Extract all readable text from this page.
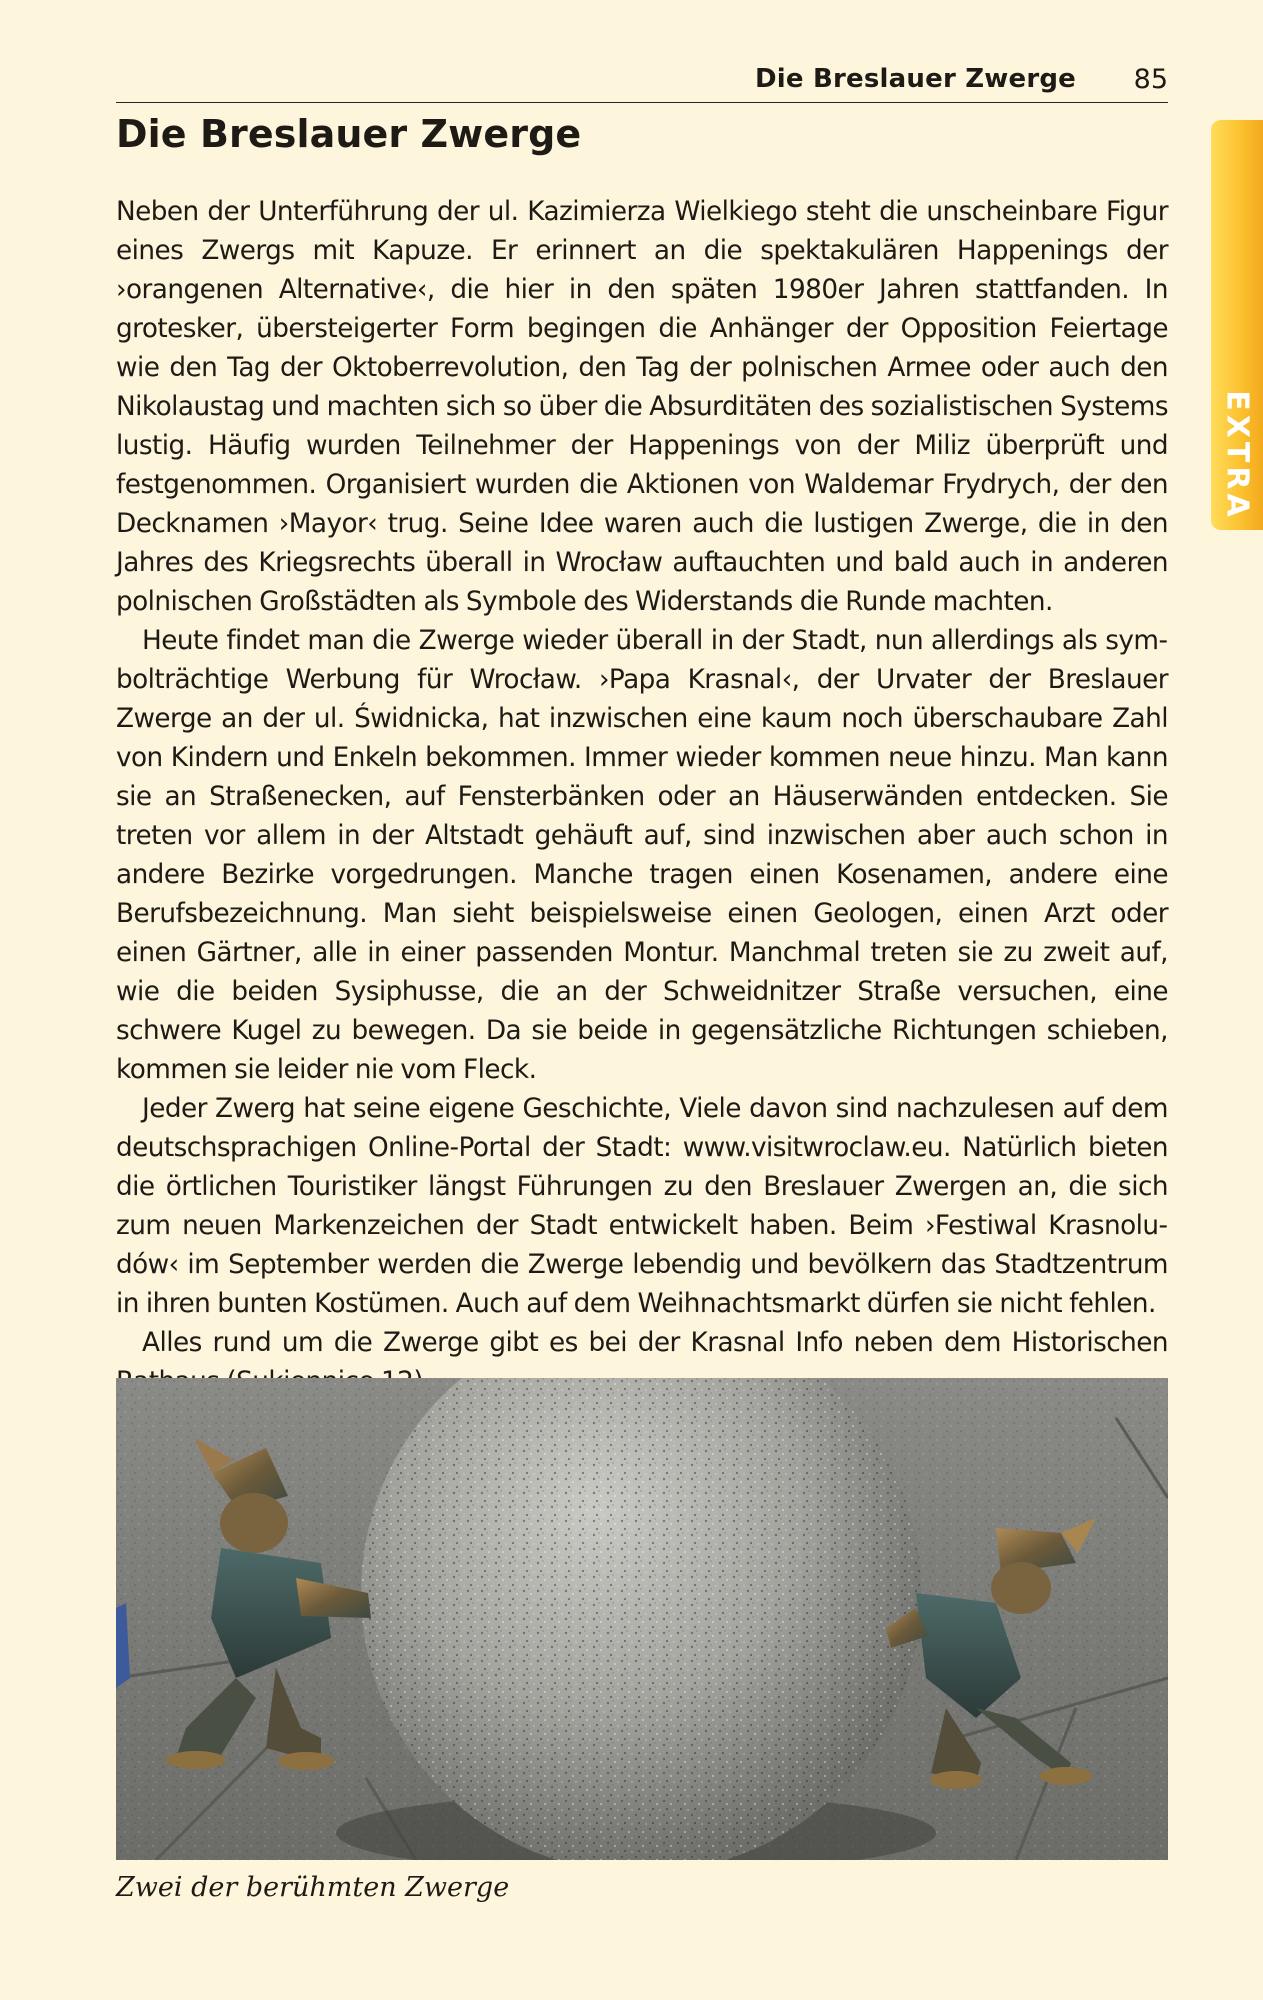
Die Breslauer Zwerge 85
EXTRA
Die Breslauer Zwerge

Neben der Unterführung der ul. Kazimierza Wielkiego steht die unscheinbare Figur eines Zwergs mit Kapuze. Er erinnert an die spektakulären Happenings der ›orangenen Alternative‹, die hier in den späten 1980er Jahren stattfanden. In grotesker, übersteigerter Form begingen die Anhänger der Opposition Feiertage wie den Tag der Oktoberrevolution, den Tag der polnischen Armee oder auch den Nikolaustag und machten sich so über die Absurditäten des sozialistischen Systems lustig. Häufig wurden Teilnehmer der Happenings von der Miliz überprüft und festgenommen. Organisiert wurden die Aktionen von Waldemar Frydrych, der den Decknamen ›Mayor‹ trug. Seine Idee waren auch die lustigen Zwerge, die in den Jahres des Kriegsrechts überall in Wrocław auftauchten und bald auch in anderen polnischen Großstädten als Symbole des Widerstands die Runde machten.

Heute findet man die Zwerge wieder überall in der Stadt, nun allerdings als symbolträchtige Werbung für Wrocław. ›Papa Krasnal‹, der Urvater der Breslauer Zwerge an der ul. Świdnicka, hat inzwischen eine kaum noch überschaubare Zahl von Kindern und Enkeln bekommen. Immer wieder kommen neue hinzu. Man kann sie an Straßenecken, auf Fensterbänken oder an Häuserwänden entdecken. Sie treten vor allem in der Altstadt gehäuft auf, sind inzwischen aber auch schon in andere Bezirke vorgedrungen. Manche tragen einen Kosenamen, andere eine Berufsbezeichnung. Man sieht beispielsweise einen Geologen, einen Arzt oder einen Gärtner, alle in einer passenden Montur. Manchmal treten sie zu zweit auf, wie die beiden Sysiphusse, die an der Schweidnitzer Straße versuchen, eine schwere Kugel zu bewegen. Da sie beide in gegensätzliche Richtungen schieben, kommen sie leider nie vom Fleck.

Jeder Zwerg hat seine eigene Geschichte, Viele davon sind nachzulesen auf dem deutschsprachigen Online-Portal der Stadt: www.visitwroclaw.eu. Natürlich bieten die örtlichen Touristiker längst Führungen zu den Breslauer Zwergen an, die sich zum neuen Markenzeichen der Stadt entwickelt haben. Beim ›Festiwal Krasnoludów‹ im September werden die Zwerge lebendig und bevölkern das Stadtzentrum in ihren bunten Kostümen. Auch auf dem Weihnachtsmarkt dürfen sie nicht fehlen.

Alles rund um die Zwerge gibt es bei der Krasnal Info neben dem Historischen

Zwei der berühmten Zwerge
